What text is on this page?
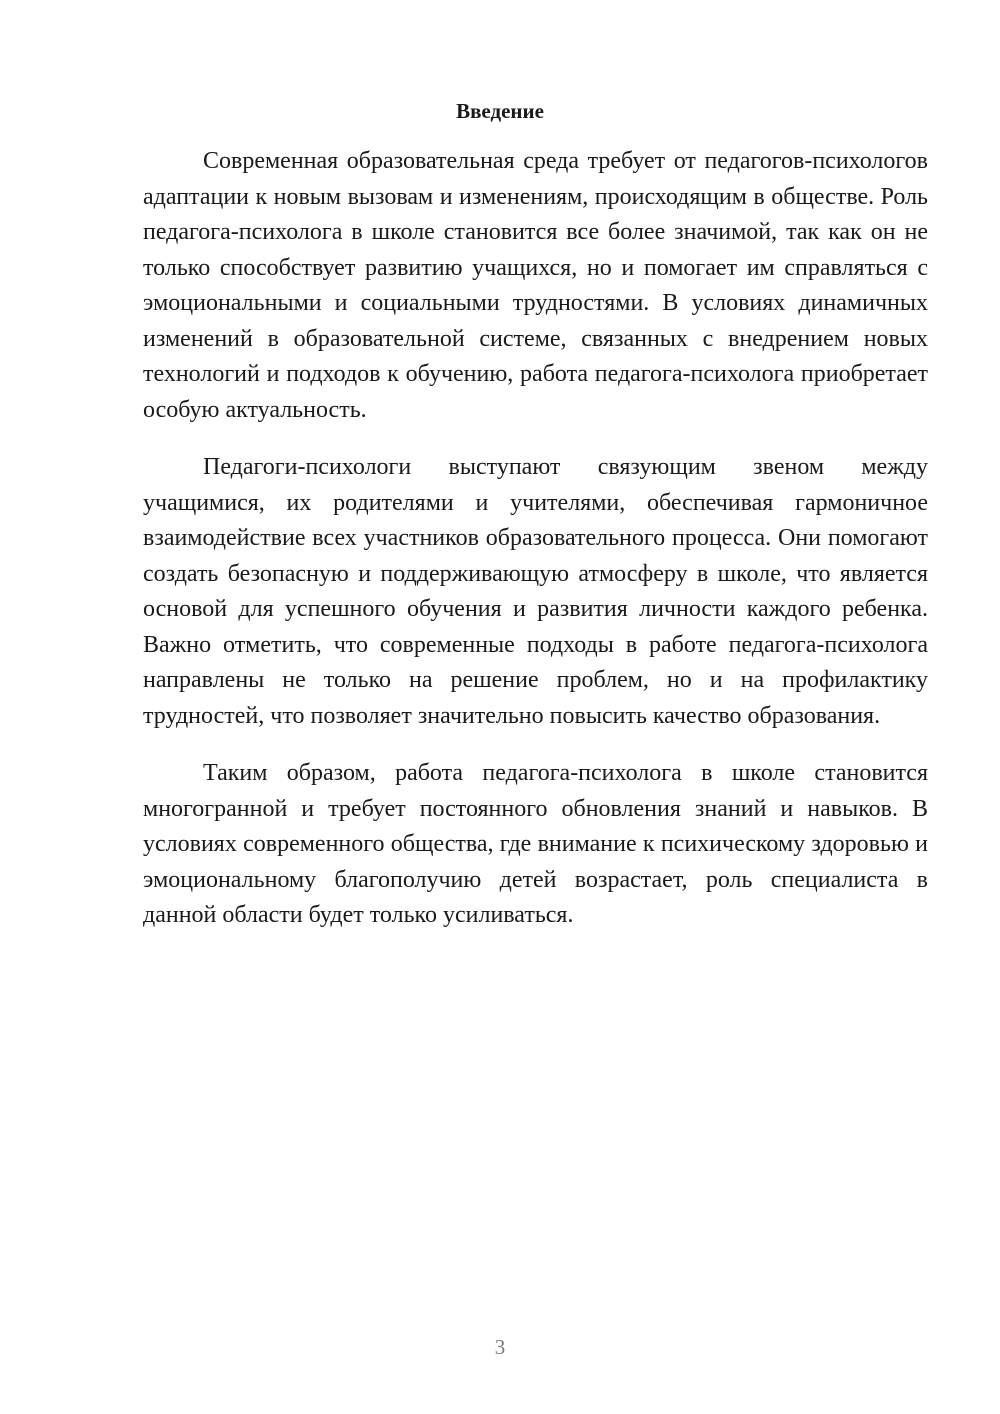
Введение

Современная образовательная среда требует от педагогов-психологов адаптации к новым вызовам и изменениям, происходящим в обществе. Роль педагога-психолога в школе становится все более значимой, так как он не только способствует развитию учащихся, но и помогает им справляться с эмоциональными и социальными трудностями. В условиях динамичных изменений в образовательной системе, связанных с внедрением новых технологий и подходов к обучению, работа педагога-психолога приобретает особую актуальность.

Педагоги-психологи выступают связующим звеном между учащимися, их родителями и учителями, обеспечивая гармоничное взаимодействие всех участников образовательного процесса. Они помогают создать безопасную и поддерживающую атмосферу в школе, что является основой для успешного обучения и развития личности каждого ребенка. Важно отметить, что современные подходы в работе педагога-психолога направлены не только на решение проблем, но и на профилактику трудностей, что позволяет значительно повысить качество образования.

Таким образом, работа педагога-психолога в школе становится многогранной и требует постоянного обновления знаний и навыков. В условиях современного общества, где внимание к психическому здоровью и эмоциональному благополучию детей возрастает, роль специалиста в данной области будет только усиливаться.

3
